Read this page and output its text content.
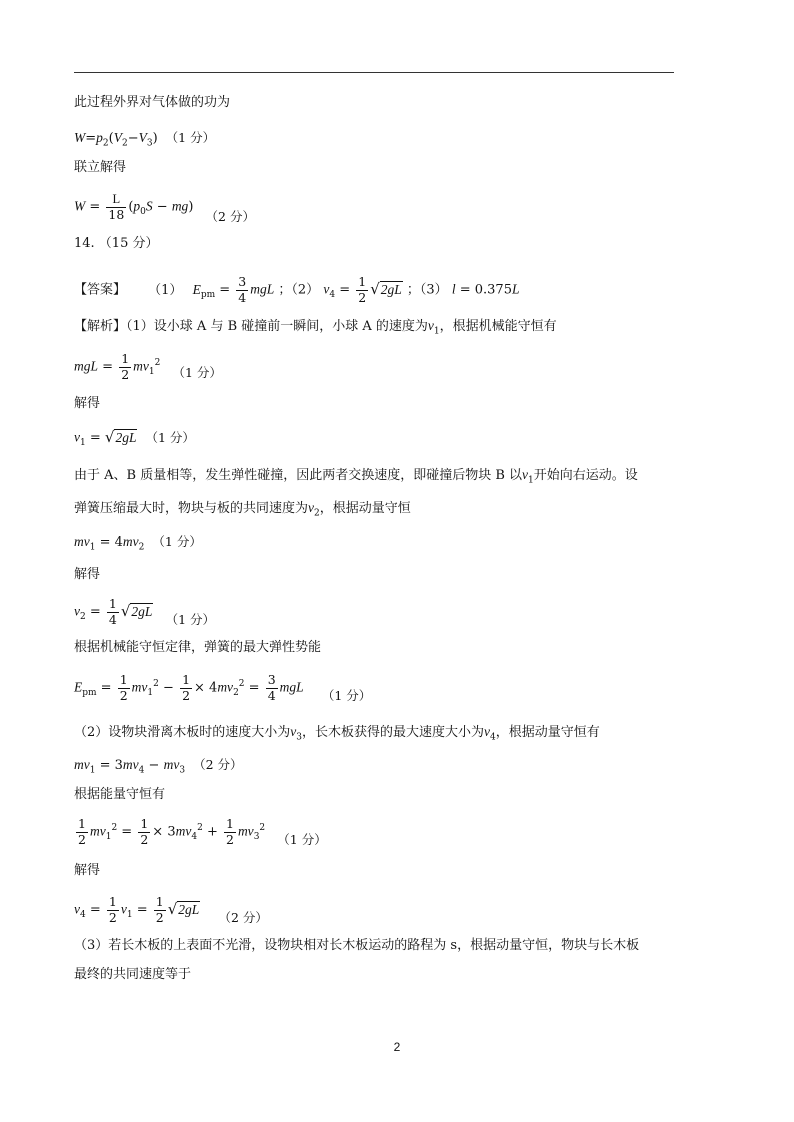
此过程外界对气体做的功为
$W=p_2(V_2-V_3)$ （1 分）
联立解得
$W = \frac{L}{18} (p_0S - mg)$ （2 分）
14. （15 分）
【答案】 （1） $E_{pm} = \frac{3}{4}$ mgL ；（2） $v_4 = \frac{1}{2} √2gL$ ；（3） l = 0.375L
【解析】（1）设小球 A 与 B 碰撞前一瞬间，小球 A 的速度为$v_1$，根据机械能守恒有
mgL = $\frac{1}{2} mv_1^2$ （1 分）
解得
$v_1 = √2gL$ （1 分）
由于 A、B 质量相等，发生弹性碰撞，因此两者交换速度，即碰撞后物块 B 以$v_1$开始向右运动。设
弹簧压缩最大时，物块与板的共同速度为$v_2$，根据动量守恒
$mv_1 = 4mv_2$ （1 分）
解得
$v_2 = \frac{1}{4} √2gL$ （1 分）
根据机械能守恒定律，弹簧的最大弹性势能
$E_{pm} = \frac{1}{2} mv_1^2 - \frac{1}{2} \times 4mv_2^2 = \frac{3}{4}$ mgL （1 分）
（2）设物块滑离木板时的速度大小为$v_3$，长木板获得的最大速度大小为$v_4$，根据动量守恒有
$mv_1 = 3mv_4 - mv_3$ （2 分）
根据能量守恒有
$\frac{1}{2} mv_1^2 = \frac{1}{2} \times 3mv_4^2 + \frac{1}{2} mv_3^2$ （1 分）
解得
$v_4 = \frac{1}{2} v_1 = \frac{1}{2} √2gL$ （2 分）
（3）若长木板的上表面不光滑，设物块相对长木板运动的路程为 s，根据动量守恒，物块与长木板
最终的共同速度等于
2
